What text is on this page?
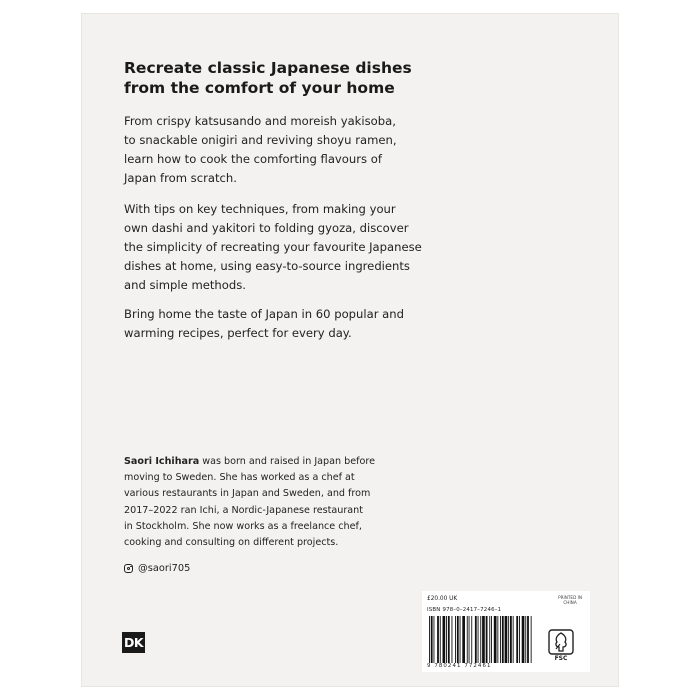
Recreate classic Japanese dishes
from the comfort of your home

From crispy katsusando and moreish yakisoba,
to snackable onigiri and reviving shoyu ramen,
learn how to cook the comforting flavours of
Japan from scratch.

With tips on key techniques, from making your
own dashi and yakitori to folding gyoza, discover
the simplicity of recreating your favourite Japanese
dishes at home, using easy-to-source ingredients
and simple methods.

Bring home the taste of Japan in 60 popular and
warming recipes, perfect for every day.

Saori Ichihara was born and raised in Japan before
moving to Sweden. She has worked as a chef at
various restaurants in Japan and Sweden, and from
2017–2022 ran Ichi, a Nordic-Japanese restaurant
in Stockholm. She now works as a freelance chef,
cooking and consulting on different projects.
@saori705
DK
£20.00 UK	PRINTED IN
CHINA
ISBN 978–0–2417–7246–1
9 780241 772461
FSC
